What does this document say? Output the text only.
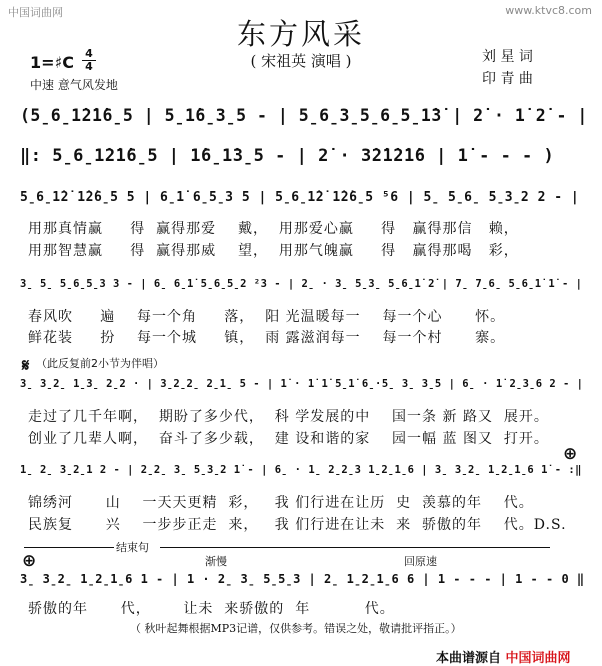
中国词曲网	www.ktvc8.com
东方风采
( 宋祖英 演唱 )	刘 星 词
印 青 曲
1=♯C 4
4
中速 意气风发地
(5̱6̱1̇2̇1̇6̱5 | 5̱1̇6̱3̱5 - | 5̱6̱3̱5̱6̱5̱1̇3̇ | 2̇ · 1̇ 2̇ - |
‖: 5̱6̱1̇2̇1̇6̱5 | 1̇6̱1̇3̱5 - | 2̇ · 3̇2̇1̇2̇1̇6 | 1̇ - - - )
5̱6̱1̇2̇ 1̇2̇6̱5 5 | 6̱1̇ 6̱5̱3 5 | 5̱6̱1̇2̇ 1̇2̇6̱5 ⁵6 | 5̱ 5̱6̱ 5̱3̱2 2 - |
用那真情赢     得  赢得那爱    戴，  用那爱心赢     得   赢得那信   赖，
用那智慧赢     得  赢得那威    望，  用那气魄赢     得   赢得那喝   彩，
3̱ 5̱ 5̱6̱5̱3 3 - | 6̱ 6̱1̇ 5̱6̱5̱2 ²3 - | 2̱ · 3̱ 5̱3̱ 5̱6̱1̇ 2̇ | 7̱ 7̱6̱ 5̱6̱1̇ 1̇ - |
春风吹     遍    每一个角     落，  阳 光温暖每一    每一个心      怀。
鲜花装     扮    每一个城     镇，  雨 露滋润每一    每一个村      寨。
（此反复前2小节为伴唱）
𝄋
3̱ 3̱2̱ 1̱3̱ 2̱2 · | 3̱2̱2̱ 2̱1̱ 5 - | 1̇ · 1̇ 1̇ 5̱1̇ 6̱·5̱ 3̱ 3̱5 | 6̱ · 1̇ 2̱3̱6 2 - |
走过了几千年啊，  期盼了多少代，  科 学发展的中    国一条 新 路又  展开。
创业了几辈人啊，  奋斗了多少载，  建 设和谐的家    园一幅 蓝 图又  打开。
⊕
1̱ 2̱ 3̱2̱1 2 - | 2̱2̱ 3̱ 5̱3̱2 1̇ - | 6̱ · 1̱ 2̱2̱3 1̱2̱1̱6 | 3̱ 3̱2̱ 1̱2̱1̱6 1̇ - :‖
锦绣河      山    一天天更精  彩，   我 们行进在让历  史  羡慕的年    代。
民族复      兴    一步步正走  来，   我 们行进在让未  来  骄傲的年    代。D.S.
结束句
渐慢	回原速
⊕
3̱ 3̱2̱ 1̱2̱1̱6 1 - | 1 · 2̱ 3̱ 5̱5̱3 | 2̱ 1̱2̱1̱6 6 | 1 - - - | 1 - - 0 ‖
骄傲的年      代，      让未  来骄傲的  年          代。
（ 秋叶起舞根据MP3记谱，仅供参考。错误之处，敬请批评指正。）
本曲谱源自 中国词曲网
